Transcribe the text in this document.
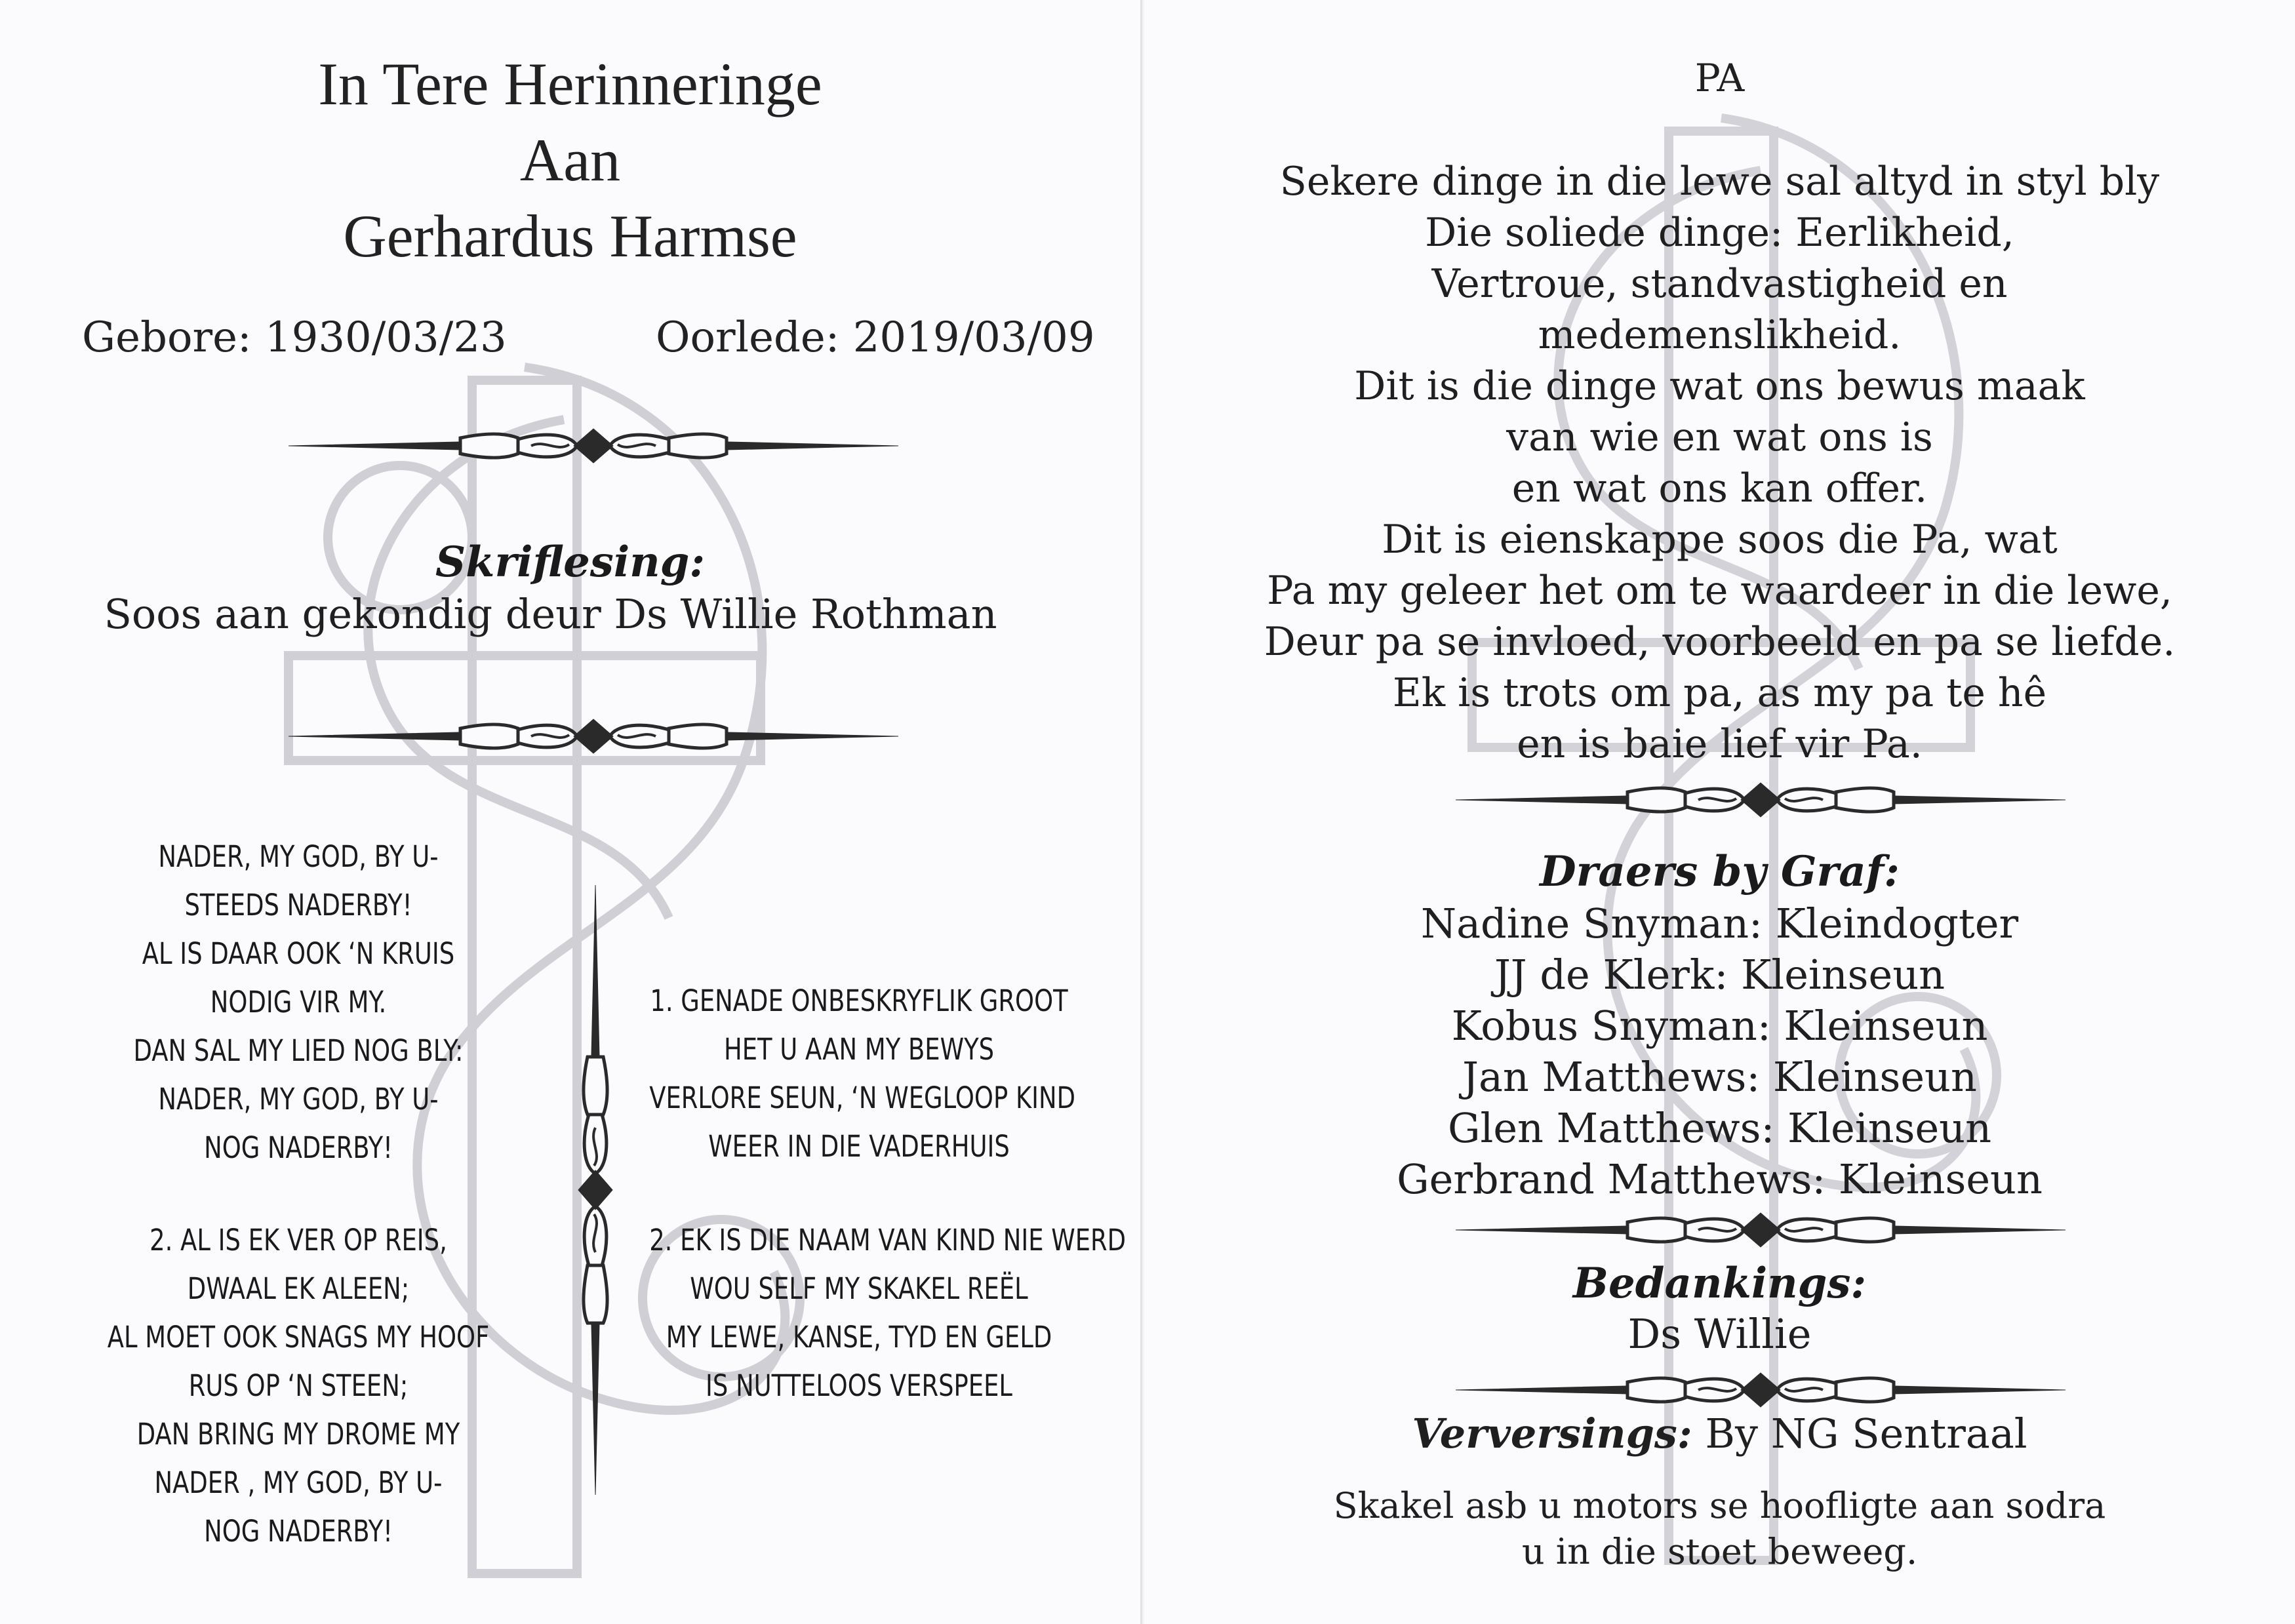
In Tere Herinneringe
Aan
Gerhardus Harmse
Gebore: 1930/03/23	Oorlede: 2019/03/09
Skriflesing:
Soos aan gekondig deur Ds Willie Rothman
NADER, MY GOD, BY U-
STEEDS NADERBY!
AL IS DAAR OOK ‘N KRUIS
NODIG VIR MY.
DAN SAL MY LIED NOG BLY:
NADER, MY GOD, BY U-
NOG NADERBY!
2. AL IS EK VER OP REIS,
DWAAL EK ALEEN;
AL MOET OOK SNAGS MY HOOF
RUS OP ‘N STEEN;
DAN BRING MY DROME MY
NADER , MY GOD, BY U-
NOG NADERBY!
1. GENADE ONBESKRYFLIK GROOT
HET U AAN MY BEWYS
VERLORE SEUN, ‘N WEGLOOP KIND
WEER IN DIE VADERHUIS
2. EK IS DIE NAAM VAN KIND NIE WERD
WOU SELF MY SKAKEL REËL
MY LEWE, KANSE, TYD EN GELD
IS NUTTELOOS VERSPEEL
PA
Sekere dinge in die lewe sal altyd in styl bly
Die soliede dinge: Eerlikheid,
Vertroue, standvastigheid en
medemenslikheid.
Dit is die dinge wat ons bewus maak
van wie en wat ons is
en wat ons kan offer.
Dit is eienskappe soos die Pa, wat
Pa my geleer het om te waardeer in die lewe,
Deur pa se invloed, voorbeeld en pa se liefde.
Ek is trots om pa, as my pa te hê
en is baie lief vir Pa.
Draers by Graf:
Nadine Snyman: Kleindogter
JJ de Klerk: Kleinseun
Kobus Snyman: Kleinseun
Jan Matthews: Kleinseun
Glen Matthews: Kleinseun
Gerbrand Matthews: Kleinseun
Bedankings:
Ds Willie
Verversings: By NG Sentraal
Skakel asb u motors se hoofligte aan sodra
u in die stoet beweeg.
